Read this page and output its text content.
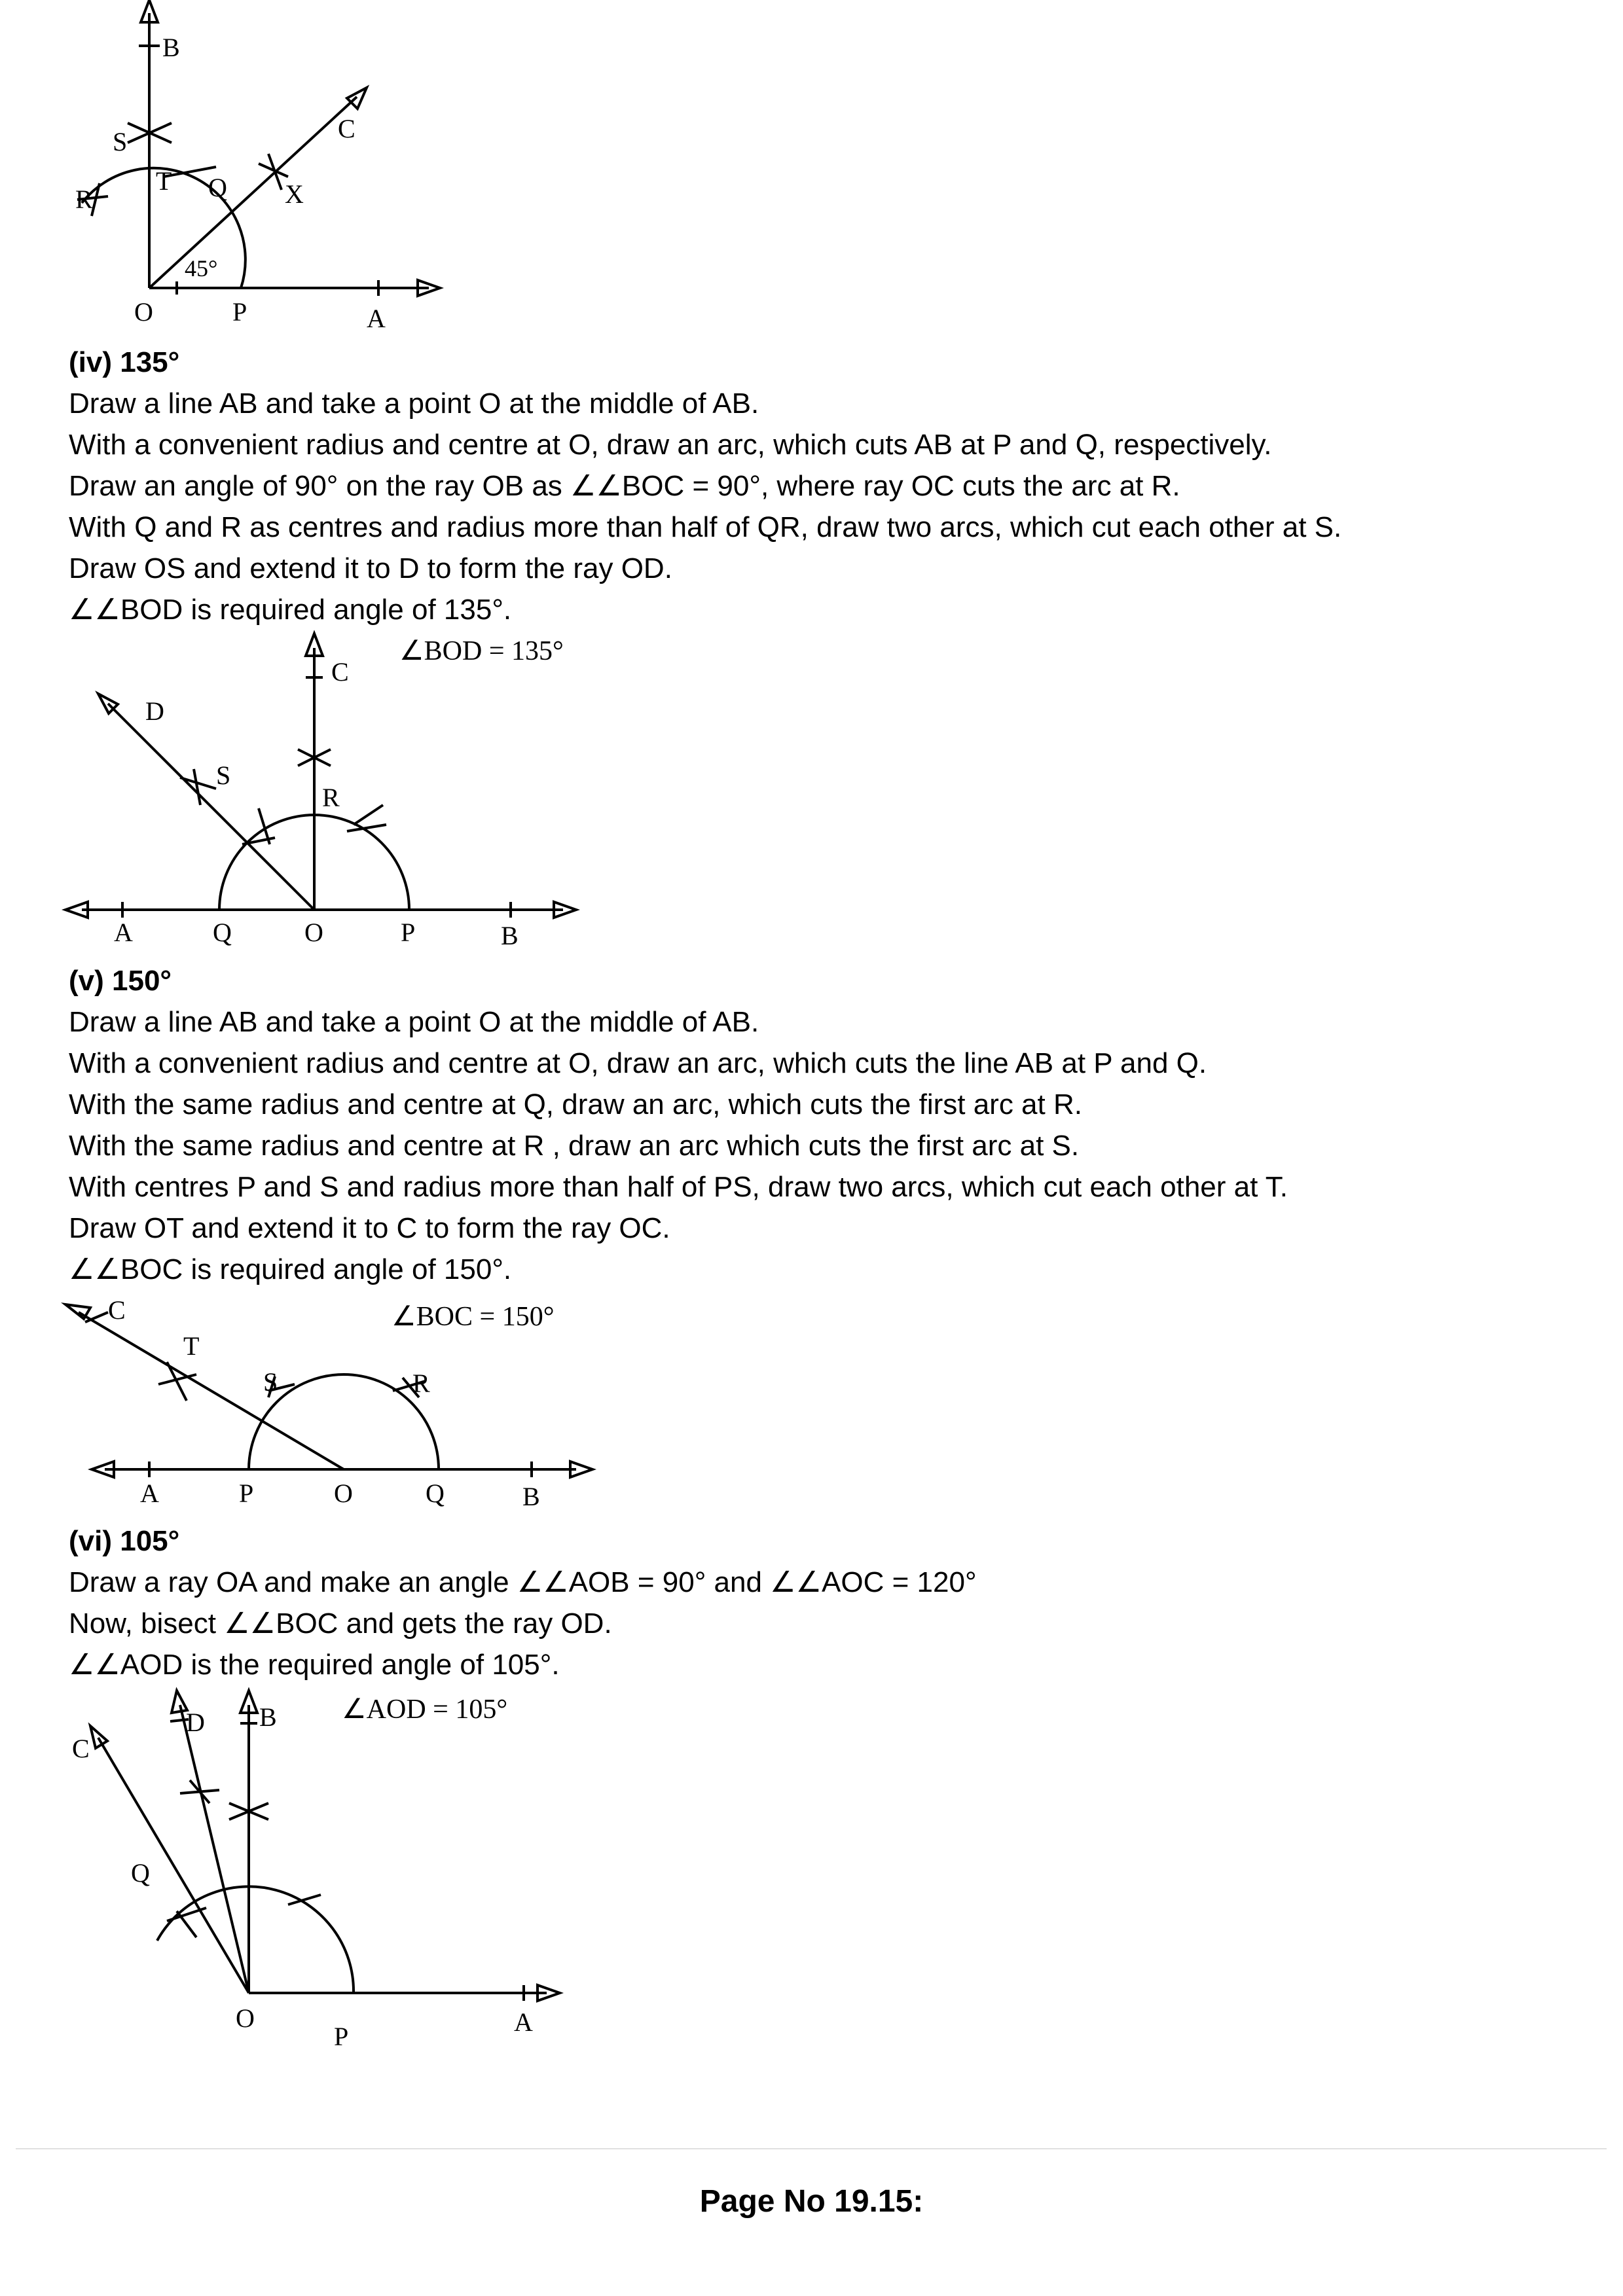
B
C
S
T Q X
R
45°
O	P	A
(iv) 135°
Draw a line AB and take a point O at the middle of AB.
With a convenient radius and centre at O, draw an arc, which cuts AB at P and Q, respectively.
Draw an angle of 90° on the ray OB as ∠∠BOC = 90°, where ray OC cuts the arc at R.
With Q and R as centres and radius more than half of QR, draw two arcs, which cut each other at S.
Draw OS and extend it to D to form the ray OD.
∠∠BOD is required angle of 135°.
∠BOD = 135°
C
D
S
R
A	Q	O	P	B
(v) 150°
Draw a line AB and take a point O at the middle of AB.
With a convenient radius and centre at O, draw an arc, which cuts the line AB at P and Q.
With the same radius and centre at Q, draw an arc, which cuts the first arc at R.
With the same radius and centre at R , draw an arc which cuts the first arc at S.
With centres P and S and radius more than half of PS, draw two arcs, which cut each other at T.
Draw OT and extend it to C to form the ray OC.
∠∠BOC is required angle of 150°.
∠BOC = 150°
C
T
S	R
A	P	O	Q	B
(vi) 105°
Draw a ray OA and make an angle ∠∠AOB = 90° and ∠∠AOC = 120°
Now, bisect ∠∠BOC and gets the ray OD.
∠∠AOD is the required angle of 105°.
∠AOD = 105°
D B
C
Q
O
P	A
Page No 19.15:
